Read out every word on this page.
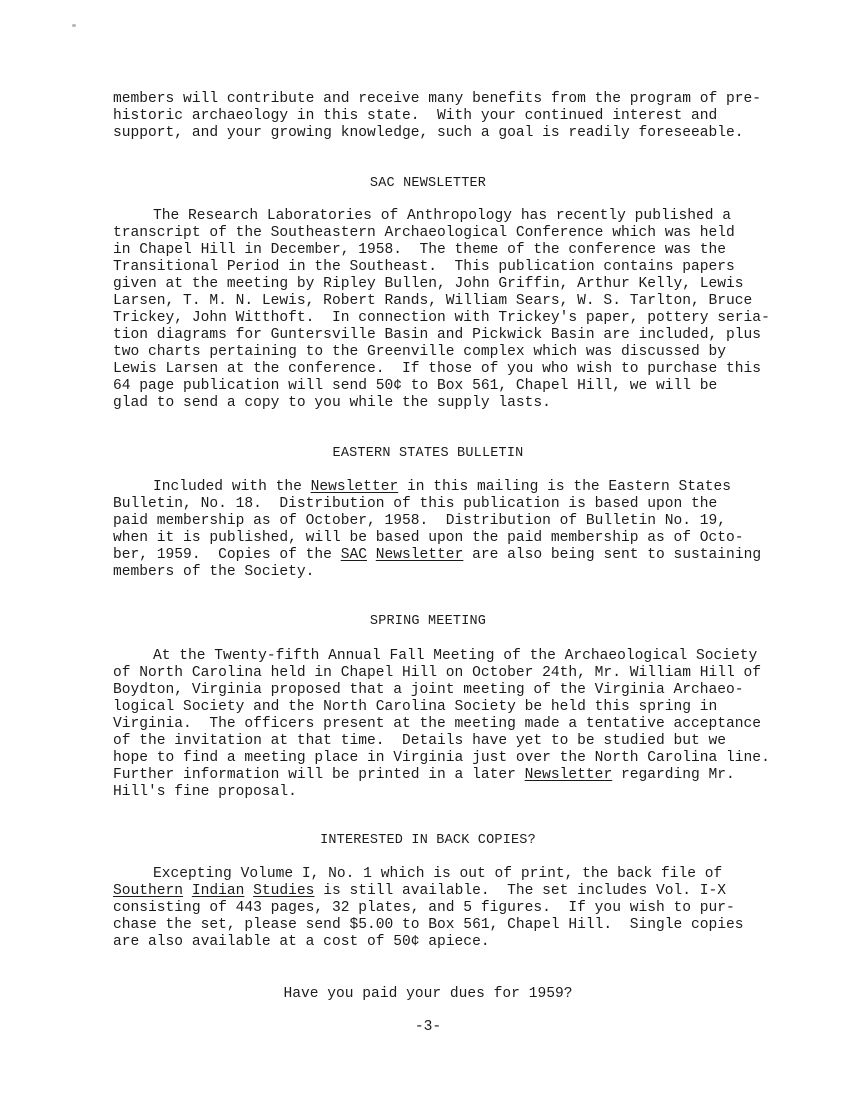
members will contribute and receive many benefits from the program of pre-
historic archaeology in this state.  With your continued interest and
support, and your growing knowledge, such a goal is readily foreseeable.
SAC NEWSLETTER
The Research Laboratories of Anthropology has recently published a
transcript of the Southeastern Archaeological Conference which was held
in Chapel Hill in December, 1958.  The theme of the conference was the
Transitional Period in the Southeast.  This publication contains papers
given at the meeting by Ripley Bullen, John Griffin, Arthur Kelly, Lewis
Larsen, T. M. N. Lewis, Robert Rands, William Sears, W. S. Tarlton, Bruce
Trickey, John Witthoft.  In connection with Trickey's paper, pottery seria-
tion diagrams for Guntersville Basin and Pickwick Basin are included, plus
two charts pertaining to the Greenville complex which was discussed by
Lewis Larsen at the conference.  If those of you who wish to purchase this
64 page publication will send 50¢ to Box 561, Chapel Hill, we will be
glad to send a copy to you while the supply lasts.
EASTERN STATES BULLETIN
Included with the Newsletter in this mailing is the Eastern States
Bulletin, No. 18.  Distribution of this publication is based upon the
paid membership as of October, 1958.  Distribution of Bulletin No. 19,
when it is published, will be based upon the paid membership as of Octo-
ber, 1959.  Copies of the SAC Newsletter are also being sent to sustaining
members of the Society.
SPRING MEETING
At the Twenty-fifth Annual Fall Meeting of the Archaeological Society
of North Carolina held in Chapel Hill on October 24th, Mr. William Hill of
Boydton, Virginia proposed that a joint meeting of the Virginia Archaeo-
logical Society and the North Carolina Society be held this spring in
Virginia.  The officers present at the meeting made a tentative acceptance
of the invitation at that time.  Details have yet to be studied but we
hope to find a meeting place in Virginia just over the North Carolina line.
Further information will be printed in a later Newsletter regarding Mr.
Hill's fine proposal.
INTERESTED IN BACK COPIES?
Excepting Volume I, No. 1 which is out of print, the back file of
Southern Indian Studies is still available.  The set includes Vol. I-X
consisting of 443 pages, 32 plates, and 5 figures.  If you wish to pur-
chase the set, please send $5.00 to Box 561, Chapel Hill.  Single copies
are also available at a cost of 50¢ apiece.
Have you paid your dues for 1959?
-3-
